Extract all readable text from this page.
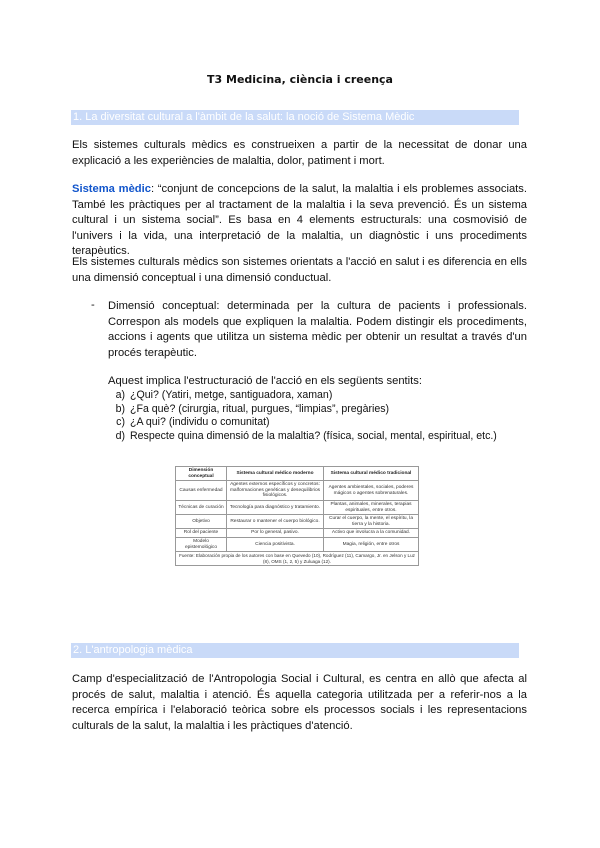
T3 Medicina, ciència i creença
1. La diversitat cultural a l'àmbit de la salut: la noció de Sistema Mèdic

Els sistemes culturals mèdics es construeixen a partir de la necessitat de donar una explicació a les experiències de malaltia, dolor, patiment i mort.

Sistema mèdic: “conjunt de concepcions de la salut, la malaltia i els problemes associats. També les pràctiques per al tractament de la malaltia i la seva prevenció. És un sistema cultural i un sistema social”. Es basa en 4 elements estructurals: una cosmovisió de l'univers i la vida, una interpretació de la malaltia, un diagnòstic i uns procediments terapèutics.

Els sistemes culturals mèdics son sistemes orientats a l'acció en salut i es diferencia en ells una dimensió conceptual i una dimensió conductual.

- Dimensió conceptual: determinada per la cultura de pacients i professionals. Correspon als models que expliquen la malaltia. Podem distingir els procediments, accions i agents que utilitza un sistema mèdic per obtenir un resultat a través d'un procés terapèutic.

Aquest implica l'estructuració de l'acció en els següents sentits:

a) ¿Qui? (Yatiri, metge, santiguadora, xaman)
b) ¿Fa què? (cirurgia, ritual, purgues, “limpias”, pregàries)
c) ¿A qui? (individu o comunitat)
d) Respecte quina dimensió de la malaltia? (física, social, mental, espiritual, etc.)
Dimensión conceptual	Sistema cultural médico moderno	Sistema cultural médico tradicional
Causas enfermedad	Agentes externos específicos y concretos: malformaciones genéticas y desequilibrios fisiológicos.	Agentes ambientales, sociales, poderes mágicos o agentes sobrenaturales.
Técnicas de curación	Tecnología para diagnóstico y tratamiento.	Plantas, animales, minerales, terapias espirituales, entre otros.
Objetivo	Restaurar o mantener el cuerpo biológico.	Curar el cuerpo, la mente, el espíritu, la tierra y la historia.
Rol del paciente	Por lo general, pasivo.	Activo que involucra a la comunidad.
Modelo epistemológico	Ciencia positivista.	Magia, religión, entre otros
Fuente: Elaboración propia de los autores con base en Quevedo (10), Rodríguez (11), Camargo, Jr. en Jelson y Luz (8), OMS (1, 2, 5) y Zuluaga (12).		
2. L'antropologia mèdica

Camp d'especialització de l'Antropologia Social i Cultural, es centra en allò que afecta al procés de salut, malaltia i atenció. És aquella categoria utilitzada per a referir-nos a la recerca empírica i l'elaboració teòrica sobre els processos socials i les representacions culturals de la salut, la malaltia i les pràctiques d'atenció.
